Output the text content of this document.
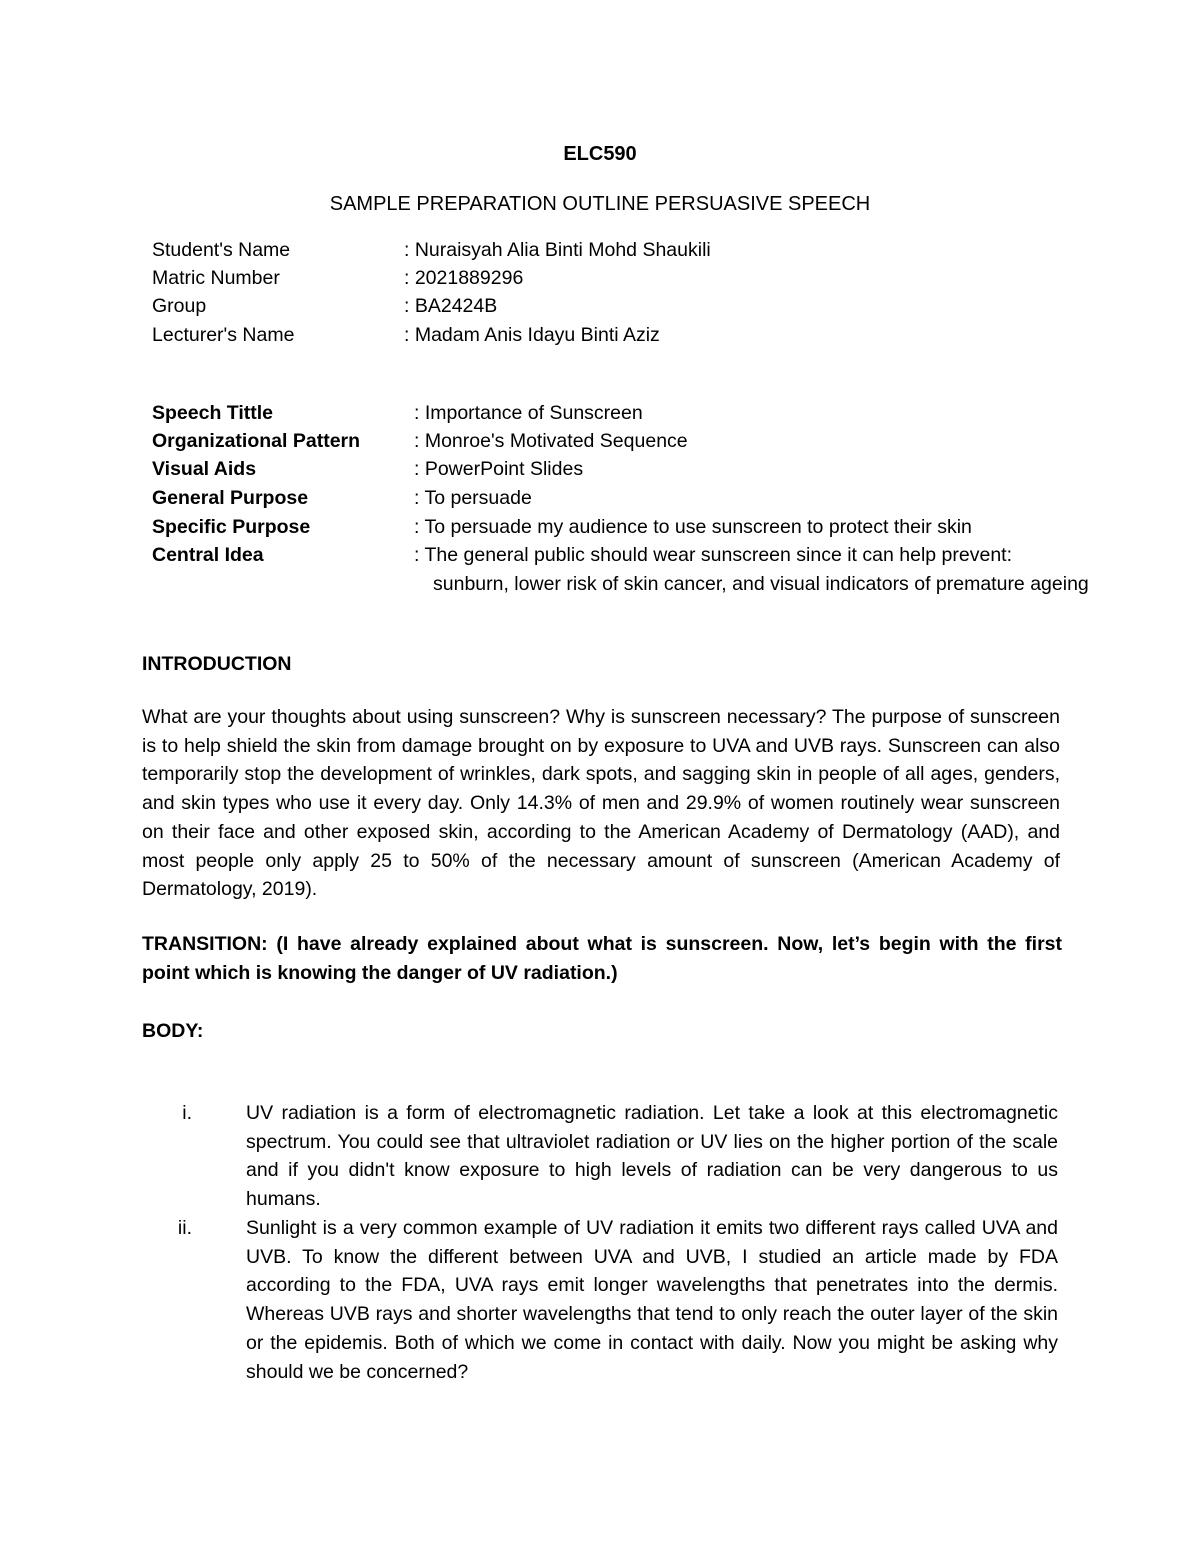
ELC590
SAMPLE PREPARATION OUTLINE PERSUASIVE SPEECH
Student's Name	: Nuraisyah Alia Binti Mohd Shaukili
Matric Number	: 2021889296
Group	: BA2424B
Lecturer's Name	: Madam Anis Idayu Binti Aziz
Speech Tittle	: Importance of Sunscreen
Organizational Pattern	: Monroe's Motivated Sequence
Visual Aids	: PowerPoint Slides
General Purpose	: To persuade
Specific Purpose	: To persuade my audience to use sunscreen to protect their skin
Central Idea	: The general public should wear sunscreen since it can help prevent:
sunburn, lower risk of skin cancer, and visual indicators of premature ageing
INTRODUCTION
What are your thoughts about using sunscreen? Why is sunscreen necessary? The purpose of sunscreen is to help shield the skin from damage brought on by exposure to UVA and UVB rays. Sunscreen can also temporarily stop the development of wrinkles, dark spots, and sagging skin in people of all ages, genders, and skin types who use it every day. Only 14.3% of men and 29.9% of women routinely wear sunscreen on their face and other exposed skin, according to the American Academy of Dermatology (AAD), and most people only apply 25 to 50% of the necessary amount of sunscreen (American Academy of Dermatology, 2019).
TRANSITION: (I have already explained about what is sunscreen. Now, let’s begin with the first point which is knowing the danger of UV radiation.)
BODY:
i.	UV radiation is a form of electromagnetic radiation. Let take a look at this electromagnetic spectrum. You could see that ultraviolet radiation or UV lies on the higher portion of the scale and if you didn't know exposure to high levels of radiation can be very dangerous to us humans.
ii.	Sunlight is a very common example of UV radiation it emits two different rays called UVA and UVB. To know the different between UVA and UVB, I studied an article made by FDA according to the FDA, UVA rays emit longer wavelengths that penetrates into the dermis. Whereas UVB rays and shorter wavelengths that tend to only reach the outer layer of the skin or the epidemis. Both of which we come in contact with daily. Now you might be asking why should we be concerned?
